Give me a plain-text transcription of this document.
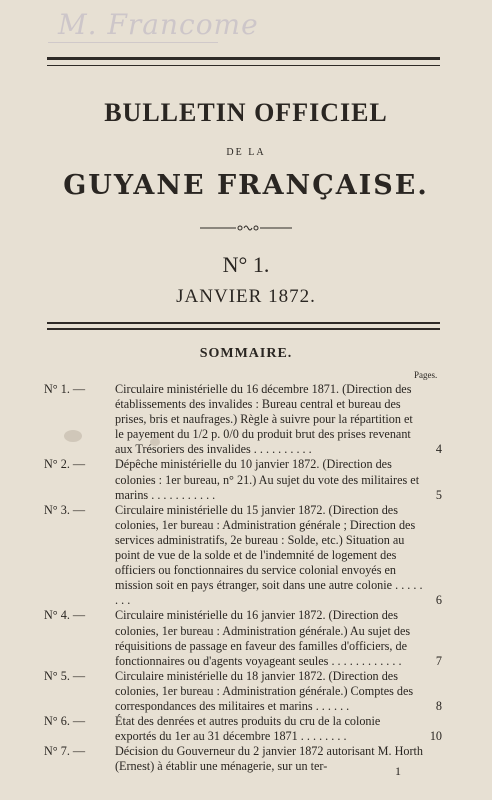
M. Francome
BULLETIN OFFICIEL
DE LA
GUYANE FRANÇAISE.
N° 1.
JANVIER 1872.
SOMMAIRE.
Pages.

N° 1. — Circulaire ministérielle du 16 décembre 1871. (Direction des établissements des invalides : Bureau central et bureau des prises, bris et naufrages.) Règle à suivre pour la répartition et le payement du 1/2 p. 0/0 du produit brut des prises revenant aux Trésoriers des invalides . . . . . . . . . .	4

N° 2. — Dépêche ministérielle du 10 janvier 1872. (Direction des colonies : 1er bureau, n° 21.) Au sujet du vote des militaires et marins . . . . . . . . . . .	5

N° 3. — Circulaire ministérielle du 15 janvier 1872. (Direction des colonies, 1er bureau : Administration générale ; Direction des services administratifs, 2e bureau : Solde, etc.) Situation au point de vue de la solde et de l'indemnité de logement des officiers ou fonctionnaires du service colonial envoyés en mission soit en pays étranger, soit dans une autre colonie . . . . . . . .	6

N° 4. — Circulaire ministérielle du 16 janvier 1872. (Direction des colonies, 1er bureau : Administration générale.) Au sujet des réquisitions de passage en faveur des familles d'officiers, de fonctionnaires ou d'agents voyageant seules . . . . . . . . . . . .	7

N° 5. — Circulaire ministérielle du 18 janvier 1872. (Direction des colonies, 1er bureau : Administration générale.) Comptes des correspondances des militaires et marins . . . . . .	8

N° 6. — État des denrées et autres produits du cru de la colonie exportés du 1er au 31 décembre 1871 . . . . . . . .	10

N° 7. — Décision du Gouverneur du 2 janvier 1872 autorisant M. Horth (Ernest) à établir une ménagerie, sur un ter-	1
